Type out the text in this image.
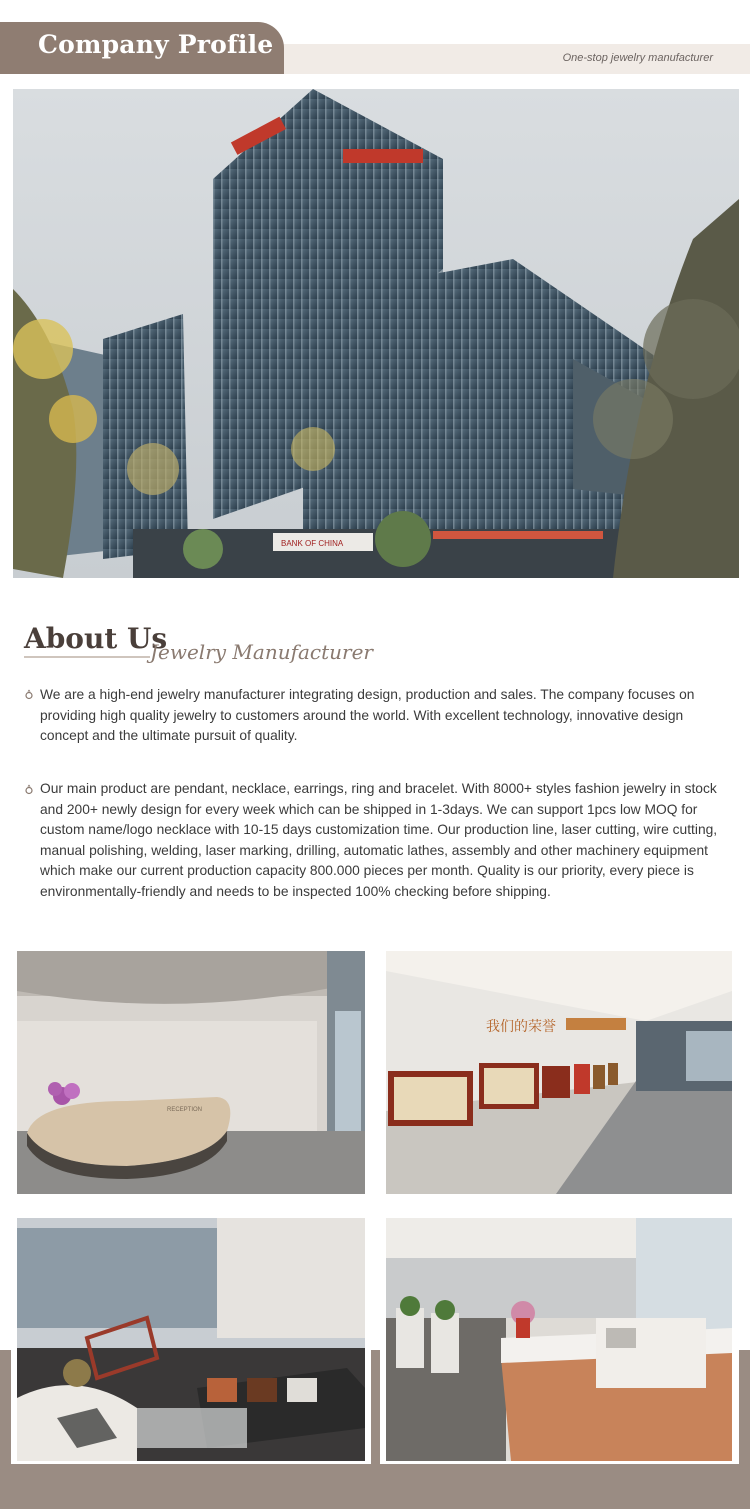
Company Profile	One-stop jewelry manufacturer
BANK OF CHINA
About Us
Jewelry Manufacturer
We are a high-end jewelry manufacturer integrating design, production and sales. The company focuses on providing high quality jewelry to customers around the world. With excellent technology, innovative design concept and the ultimate pursuit of quality.
Our main product are pendant, necklace, earrings, ring and bracelet. With 8000+ styles fashion jewelry in stock and 200+ newly design for every week which can be shipped in 1-3days. We can support 1pcs low MOQ for custom name/logo necklace with 10-15 days customization time. Our production line, laser cutting, wire cutting, manual polishing, welding, laser marking, drilling, automatic lathes, assembly and other machinery equipment which make our current production capacity 800.000 pieces per month. Quality is our priority, every piece is environmentally-friendly and needs to be inspected 100% checking before shipping.
RECEPTION
我们的荣誉
